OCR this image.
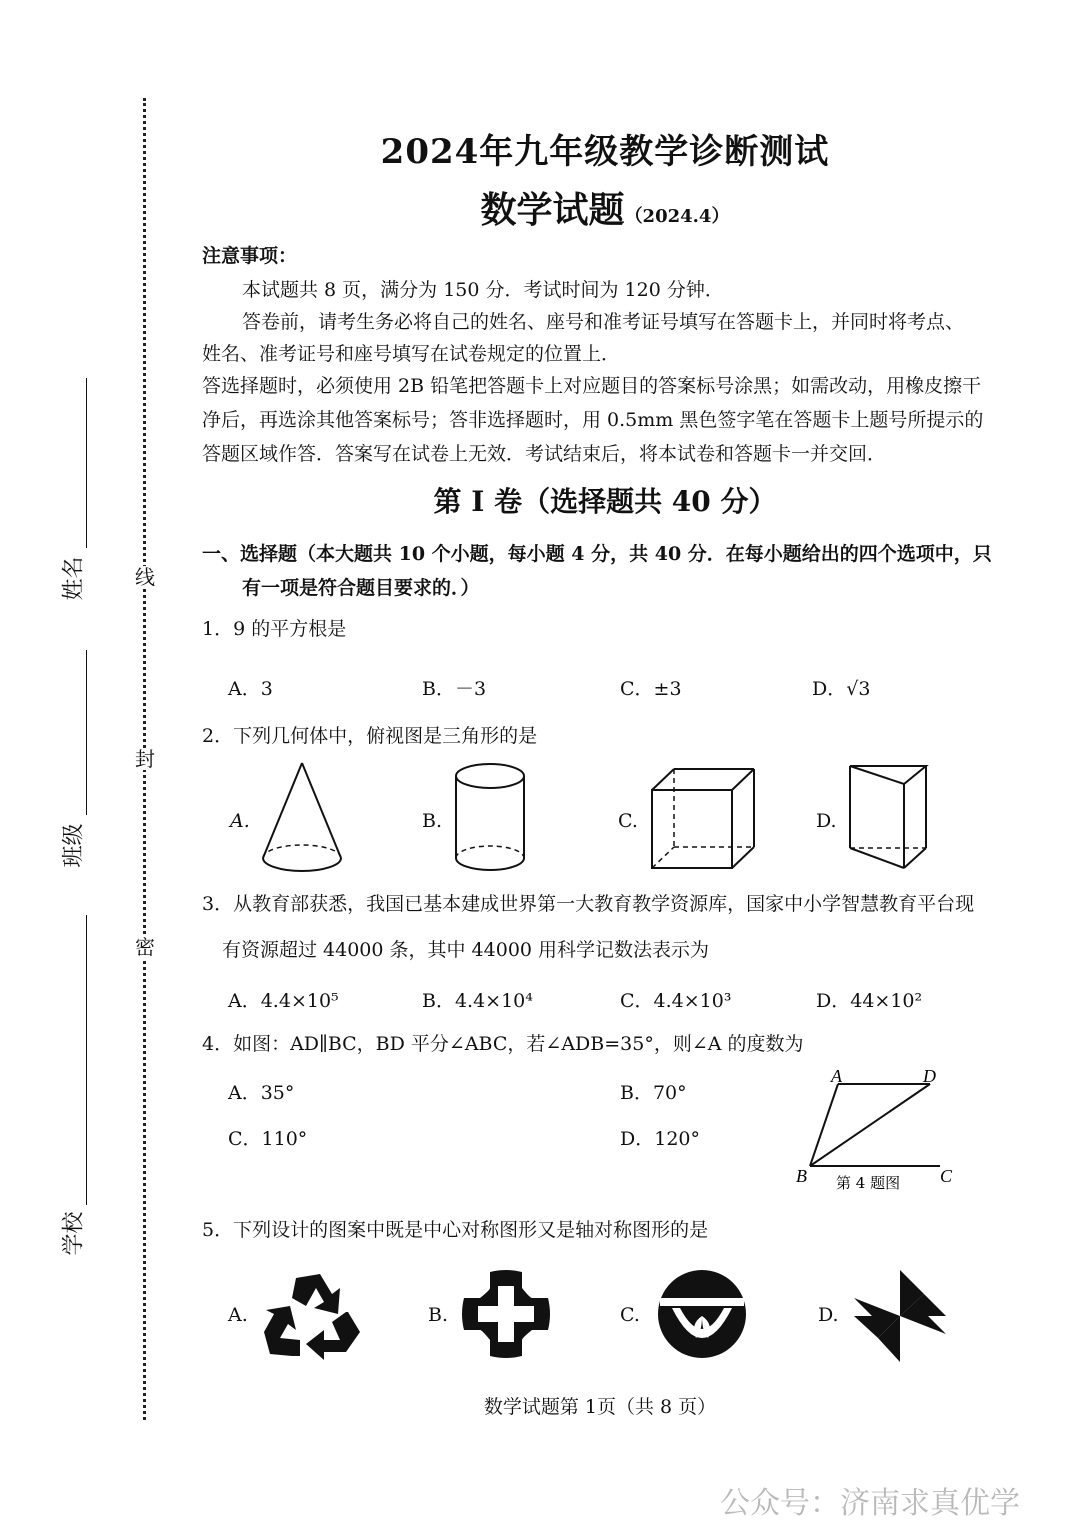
线
封
密
姓名
班级
学校
2024年九年级教学诊断测试
数学试题（2024.4）
注意事项：
本试题共 8 页，满分为 150 分．考试时间为 120 分钟．
答卷前，请考生务必将自己的姓名、座号和准考证号填写在答题卡上，并同时将考点、
姓名、准考证号和座号填写在试卷规定的位置上．
答选择题时，必须使用 2B 铅笔把答题卡上对应题目的答案标号涂黑；如需改动，用橡皮擦干
净后，再选涂其他答案标号；答非选择题时，用 0.5mm 黑色签字笔在答题卡上题号所提示的
答题区域作答．答案写在试卷上无效．考试结束后，将本试卷和答题卡一并交回．
第 I 卷（选择题共 40 分）
一、选择题（本大题共 10 个小题，每小题 4 分，共 40 分．在每小题给出的四个选项中，只
有一项是符合题目要求的．）
1．9 的平方根是
A．3	B．－3	C．±3	D．√3
2．下列几何体中，俯视图是三角形的是
A.	B.	C.	D.
3．从教育部获悉，我国已基本建成世界第一大教育教学资源库，国家中小学智慧教育平台现
有资源超过 44000 条，其中 44000 用科学记数法表示为
A．4.4×10⁵	B．4.4×10⁴	C．4.4×10³	D．44×10²
4．如图：AD∥BC，BD 平分∠ABC，若∠ADB=35°，则∠A 的度数为
A．35°	B．70°
C．110°	D．120°
A	D
B	C
第 4 题图
5．下列设计的图案中既是中心对称图形又是轴对称图形的是
A.	B.	C.	D.
数学试题第 1页（共 8 页）
公众号：济南求真优学
